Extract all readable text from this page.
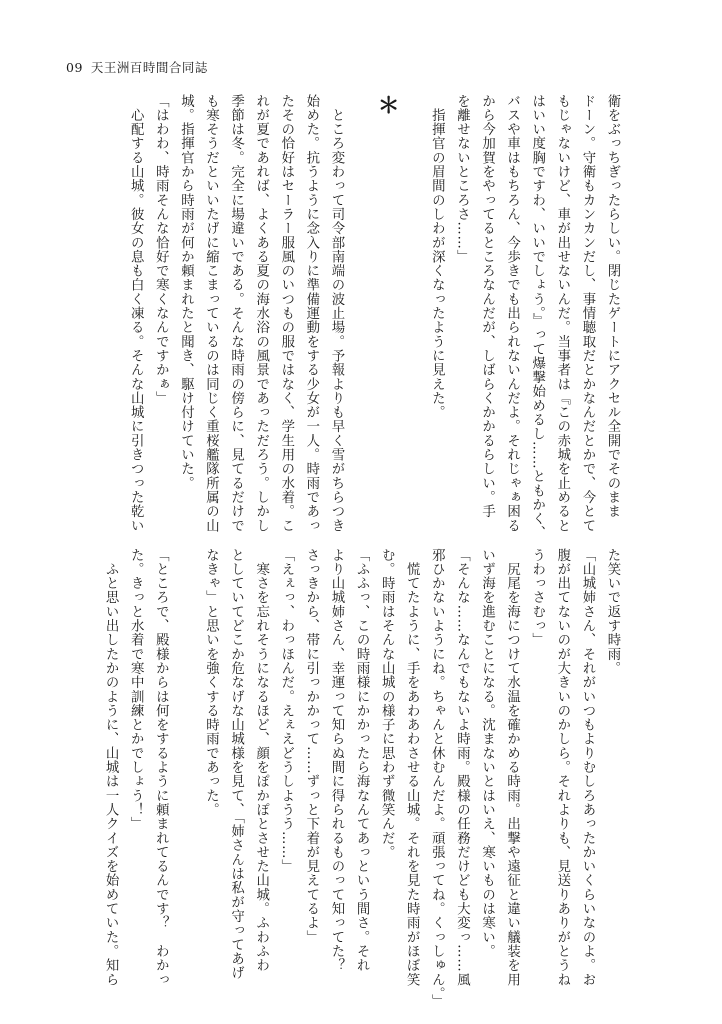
09 天王洲百時間合同誌
衛をぶっちぎったらしい。閉じたゲートにアクセル全開でそのまま
ドーン。守衛もカンカンだし、事情聴取だとかなんだとかで、今とて
もじゃないけど、車が出せないんだ。当事者は『この赤城を止めると
はいい度胸ですわ、いいでしょう。』って爆撃始めるし……ともかく、
バスや車はもちろん、今歩きでも出られないんだよ。それじゃぁ困る
から今加賀をやってるところなんだが、しばらくかかるらしい。手
を離せないところさ……」
　指揮官の眉間のしわが深くなったように見えた。
＊
　ところ変わって司令部南端の波止場。予報よりも早く雪がちらつき
始めた。抗うように念入りに準備運動をする少女が一人。時雨であっ
たその恰好はセーラー服風のいつもの服ではなく、学生用の水着。こ
れが夏であれば、よくある夏の海水浴の風景であっただろう。しかし
季節は冬。完全に場違いである。そんな時雨の傍らに、見てるだけで
も寒そうだといいたげに縮こまっているのは同じく重桜艦隊所属の山
城。指揮官から時雨が何か頼まれたと聞き、駆け付けていた。
「はわわ、時雨そんな恰好で寒くなんですかぁ」
　心配する山城。彼女の息も白く凍る。そんな山城に引きつった乾い
た笑いで返す時雨。
「山城姉さん、それがいつもよりむしろあったかいくらいなのよ。お
腹が出てないのが大きいのかしら。それよりも、見送りありがとうね
うわっさむっ」
　尻尾を海につけて水温を確かめる時雨。出撃や遠征と違い艤装を用
いず海を進むことになる。沈まないとはいえ、寒いものは寒い。
「そんな……なんでもないよ時雨。殿様の任務だけども大変っ……風
邪ひかないようにね。ちゃんと休むんだよ。頑張ってね。くっしゅん。」
　慌てたように、手をあわあわさせる山城。それを見た時雨がほぼ笑
む。時雨はそんな山城の様子に思わず微笑んだ。
「ふふっ、この時雨様にかかったら海なんてあっという間さ。それ
より山城姉さん、幸運って知らぬ間に得られるものって知ってた？
さっきから、帯に引っかかって……ずっと下着が見えてるよ」
「えぇっ、わっほんだ。えぇえどうしようう……」
　寒さを忘れそうになるほど、顔をぽかぽとさせた山城。ふわふわ
としていてどこか危なげな山城様を見て、「姉さんは私が守ってあげ
なきゃ」と思いを強くする時雨であった。
「ところで、殿様からは何をするように頼まれてるんです？　わかっ
た。きっと水着で寒中訓練とかでしょう！」
　ふと思い出したかのように、山城は一人クイズを始めていた。知ら
